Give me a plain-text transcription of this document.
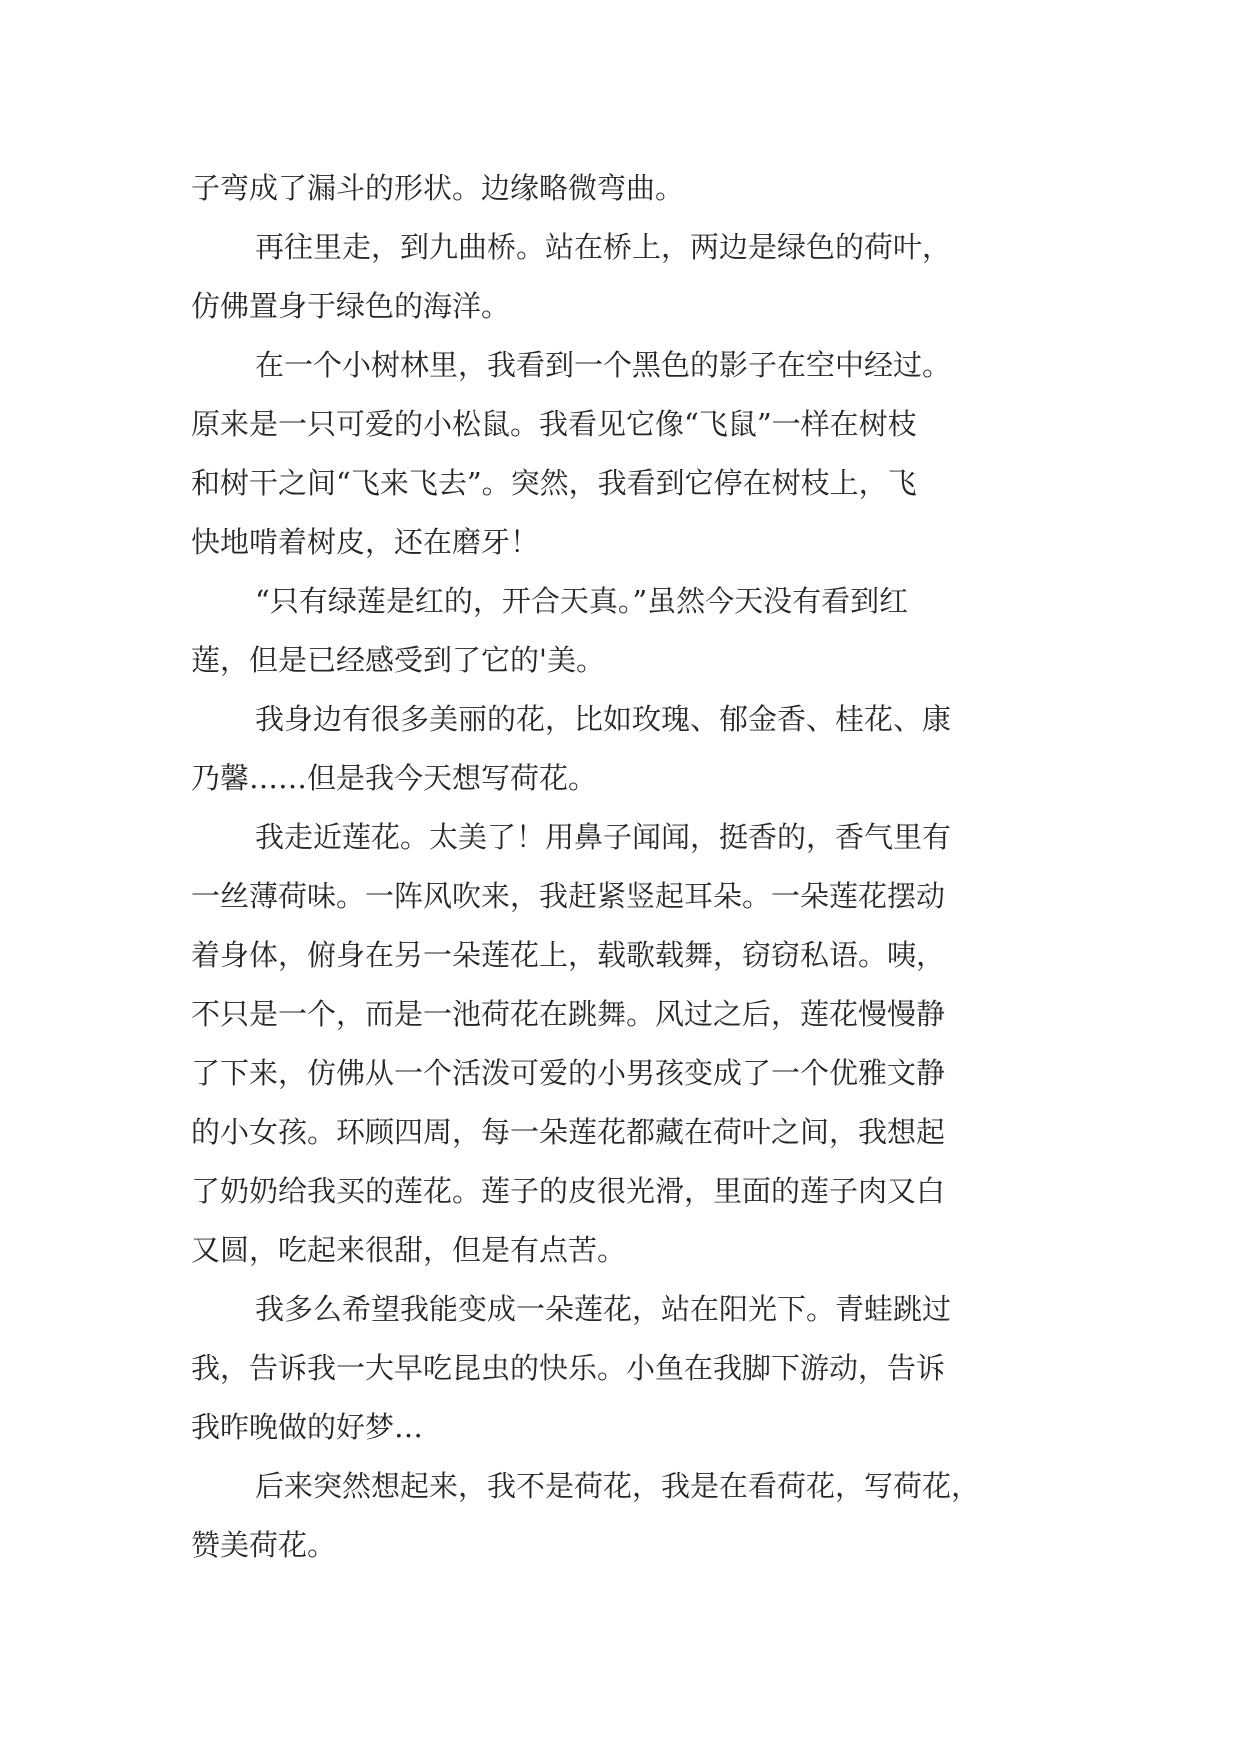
子弯成了漏斗的形状。边缘略微弯曲。
再往里走，到九曲桥。站在桥上，两边是绿色的荷叶，
仿佛置身于绿色的海洋。
在一个小树林里，我看到一个黑色的影子在空中经过。
原来是一只可爱的小松鼠。我看见它像“飞鼠”一样在树枝
和树干之间“飞来飞去”。突然，我看到它停在树枝上，飞
快地啃着树皮，还在磨牙！
“只有绿莲是红的，开合天真。”虽然今天没有看到红
莲，但是已经感受到了它的'美。
我身边有很多美丽的花，比如玫瑰、郁金香、桂花、康
乃馨……但是我今天想写荷花。
我走近莲花。太美了！用鼻子闻闻，挺香的，香气里有
一丝薄荷味。一阵风吹来，我赶紧竖起耳朵。一朵莲花摆动
着身体，俯身在另一朵莲花上，载歌载舞，窃窃私语。咦，
不只是一个，而是一池荷花在跳舞。风过之后，莲花慢慢静
了下来，仿佛从一个活泼可爱的小男孩变成了一个优雅文静
的小女孩。环顾四周，每一朵莲花都藏在荷叶之间，我想起
了奶奶给我买的莲花。莲子的皮很光滑，里面的莲子肉又白
又圆，吃起来很甜，但是有点苦。
我多么希望我能变成一朵莲花，站在阳光下。青蛙跳过
我，告诉我一大早吃昆虫的快乐。小鱼在我脚下游动，告诉
我昨晚做的好梦…
后来突然想起来，我不是荷花，我是在看荷花，写荷花，
赞美荷花。
